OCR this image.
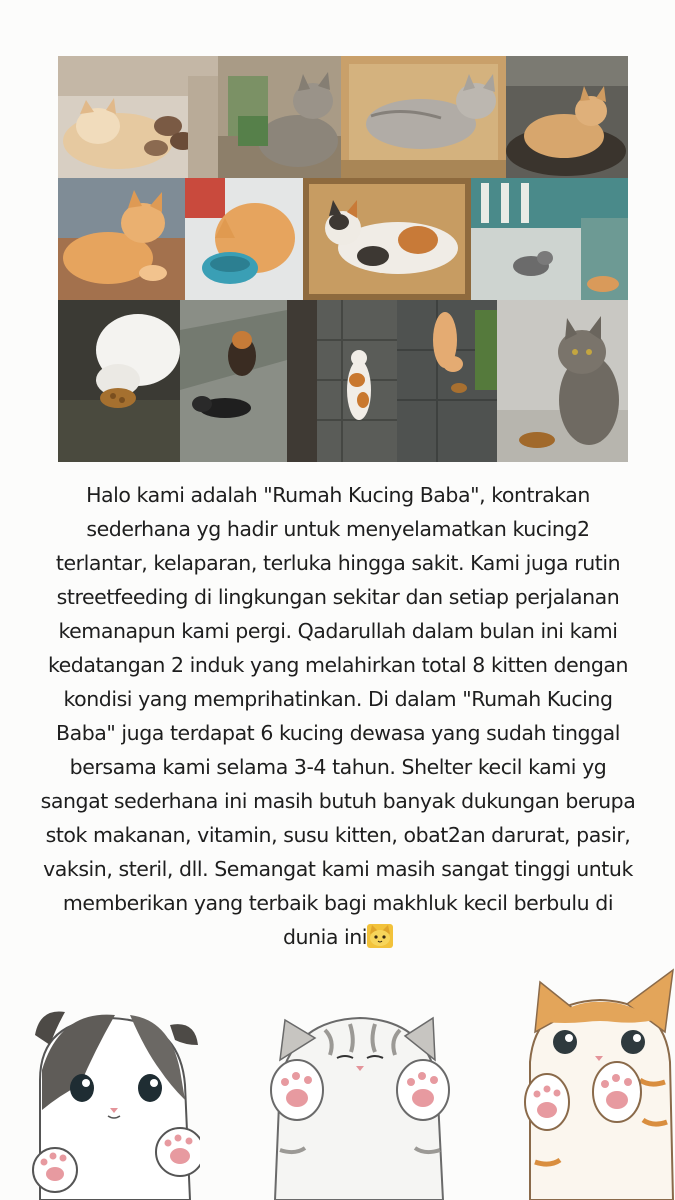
Halo kami adalah "Rumah Kucing Baba", kontrakan sederhana yg hadir untuk menyelamatkan kucing2 terlantar, kelaparan, terluka hingga sakit. Kami juga rutin streetfeeding di lingkungan sekitar dan setiap perjalanan kemanapun kami pergi. Qadarullah dalam bulan ini kami kedatangan 2 induk yang melahirkan total 8 kitten dengan kondisi yang memprihatinkan. Di dalam "Rumah Kucing Baba" juga terdapat 6 kucing dewasa yang sudah tinggal bersama kami selama 3-4 tahun. Shelter kecil kami yg sangat sederhana ini masih butuh banyak dukungan berupa stok makanan, vitamin, susu kitten, obat2an darurat, pasir, vaksin, steril, dll. Semangat kami masih sangat tinggi untuk memberikan yang terbaik bagi makhluk kecil berbulu di dunia ini
